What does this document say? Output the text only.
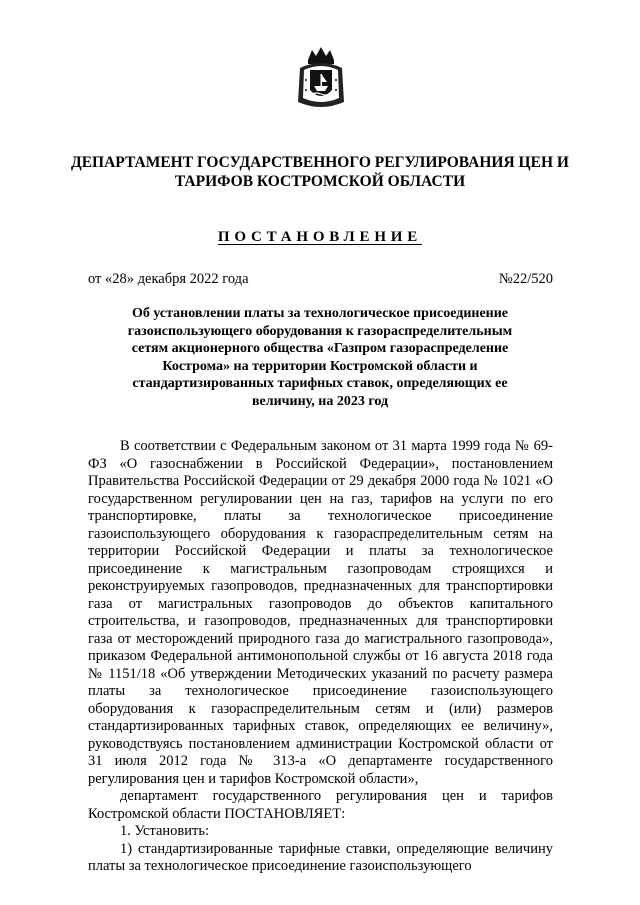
ДЕПАРТАМЕНТ ГОСУДАРСТВЕННОГО РЕГУЛИРОВАНИЯ ЦЕН И ТАРИФОВ КОСТРОМСКОЙ ОБЛАСТИ
ПОСТАНОВЛЕНИЕ
от «28» декабря 2022 года	№22/520
Об установлении платы за технологическое присоединение газоиспользующего оборудования к газораспределительным сетям акционерного общества «Газпром газораспределение Кострома» на территории Костромской области и стандартизированных тарифных ставок, определяющих ее величину, на 2023 год

В соответствии с Федеральным законом от 31 марта 1999 года № 69-ФЗ «О газоснабжении в Российской Федерации», постановлением Правительства Российской Федерации от 29 декабря 2000 года № 1021 «О государственном регулировании цен на газ, тарифов на услуги по его транспортировке, платы за технологическое присоединение газоиспользующего оборудования к газораспределительным сетям на территории Российской Федерации и платы за технологическое присоединение к магистральным газопроводам строящихся и реконструируемых газопроводов, предназначенных для транспортировки газа от магистральных газопроводов до объектов капитального строительства, и газопроводов, предназначенных для транспортировки газа от месторождений природного газа до магистрального газопровода», приказом Федеральной антимонопольной службы от 16 августа 2018 года № 1151/18 «Об утверждении Методических указаний по расчету размера платы за технологическое присоединение газоиспользующего оборудования к газораспределительным сетям и (или) размеров стандартизированных тарифных ставок, определяющих ее величину», руководствуясь постановлением администрации Костромской области от 31 июля 2012 года № 313-а «О департаменте государственного регулирования цен и тарифов Костромской области»,

департамент государственного регулирования цен и тарифов Костромской области ПОСТАНОВЛЯЕТ:

1. Установить:

1) стандартизированные тарифные ставки, определяющие величину платы за технологическое присоединение газоиспользующего
